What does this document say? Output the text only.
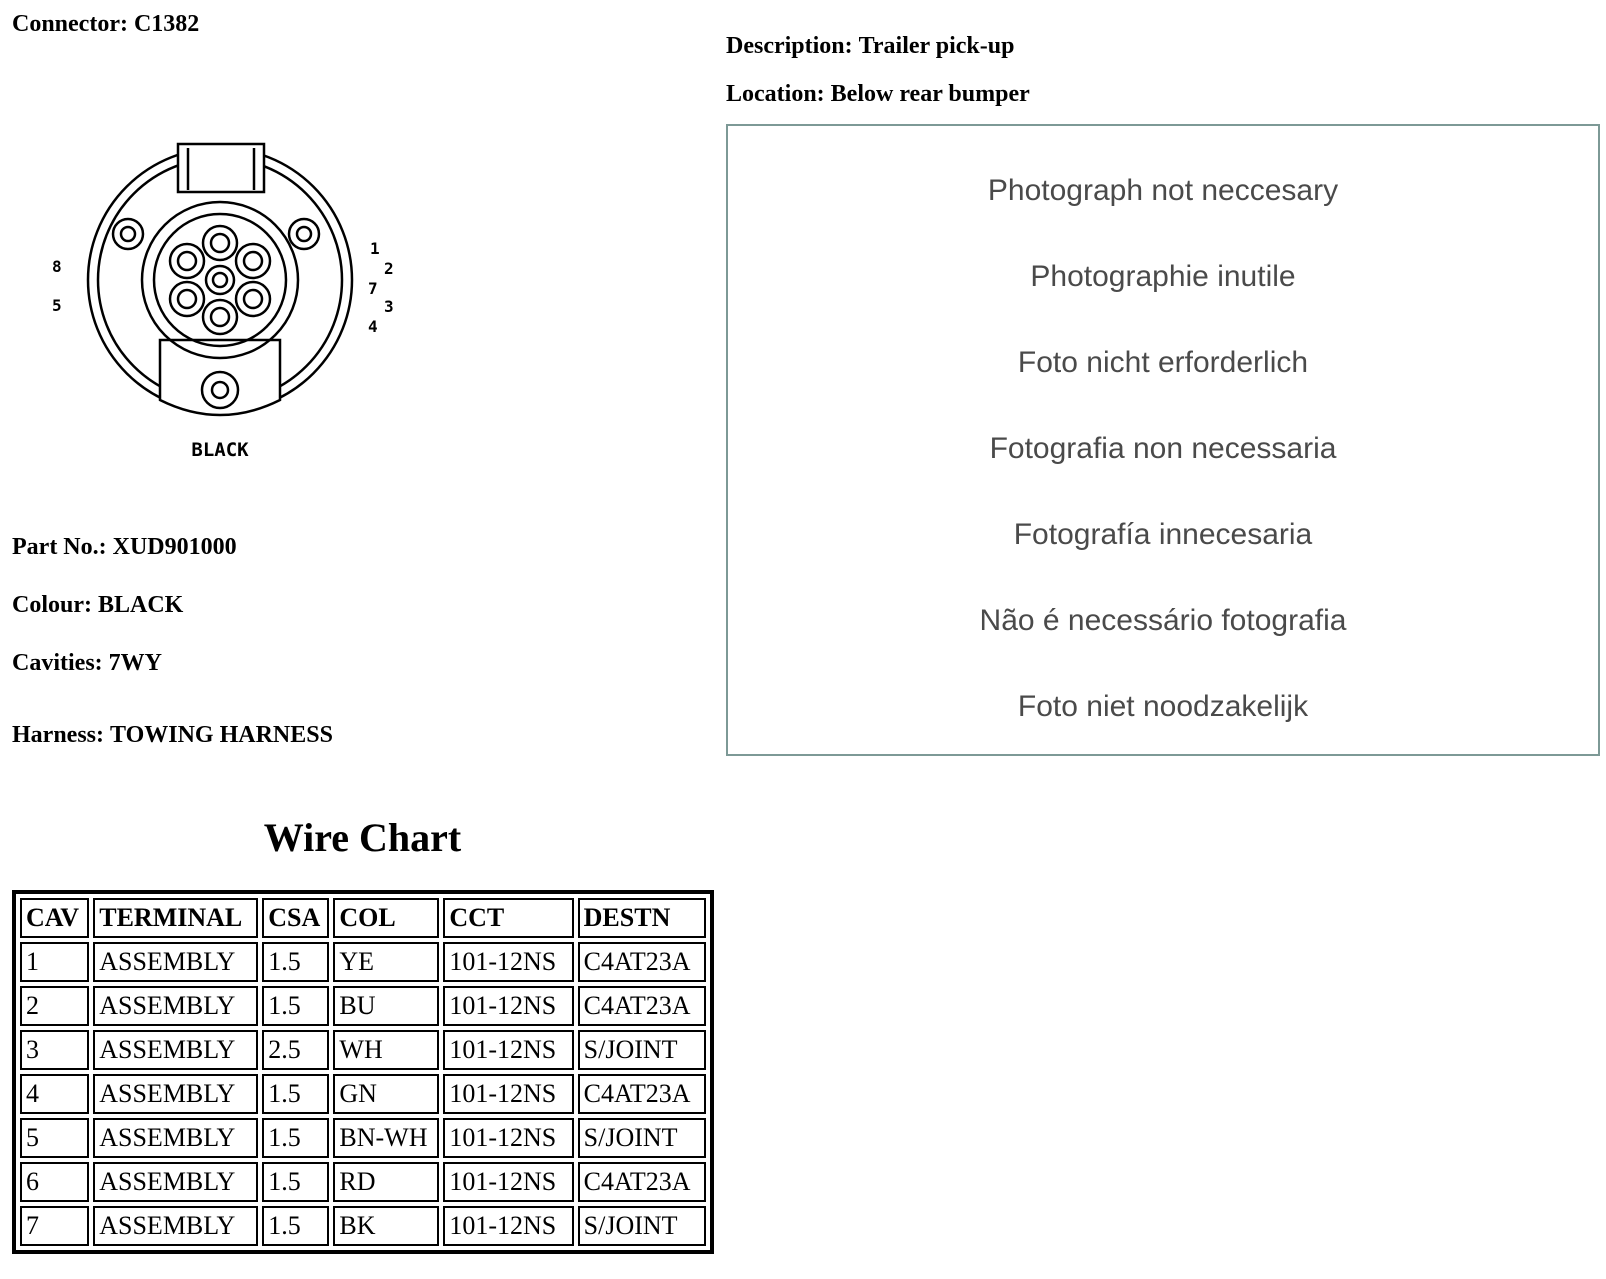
Connector: C1382
Description: Trailer pick-up
Location: Below rear bumper
8
5
1
2
7
3
4
BLACK
Part No.: XUD901000
Colour: BLACK
Cavities: 7WY
Harness: TOWING HARNESS
Photograph not neccesary
Photographie inutile
Foto nicht erforderlich
Fotografia non necessaria
Fotografía innecesaria
Não é necessário fotografia
Foto niet noodzakelijk
Wire Chart
CAV	TERMINAL	CSA	COL	CCT	DESTN
1	ASSEMBLY	1.5	YE	101-12NS	C4AT23A
2	ASSEMBLY	1.5	BU	101-12NS	C4AT23A
3	ASSEMBLY	2.5	WH	101-12NS	S/JOINT
4	ASSEMBLY	1.5	GN	101-12NS	C4AT23A
5	ASSEMBLY	1.5	BN-WH	101-12NS	S/JOINT
6	ASSEMBLY	1.5	RD	101-12NS	C4AT23A
7	ASSEMBLY	1.5	BK	101-12NS	S/JOINT
